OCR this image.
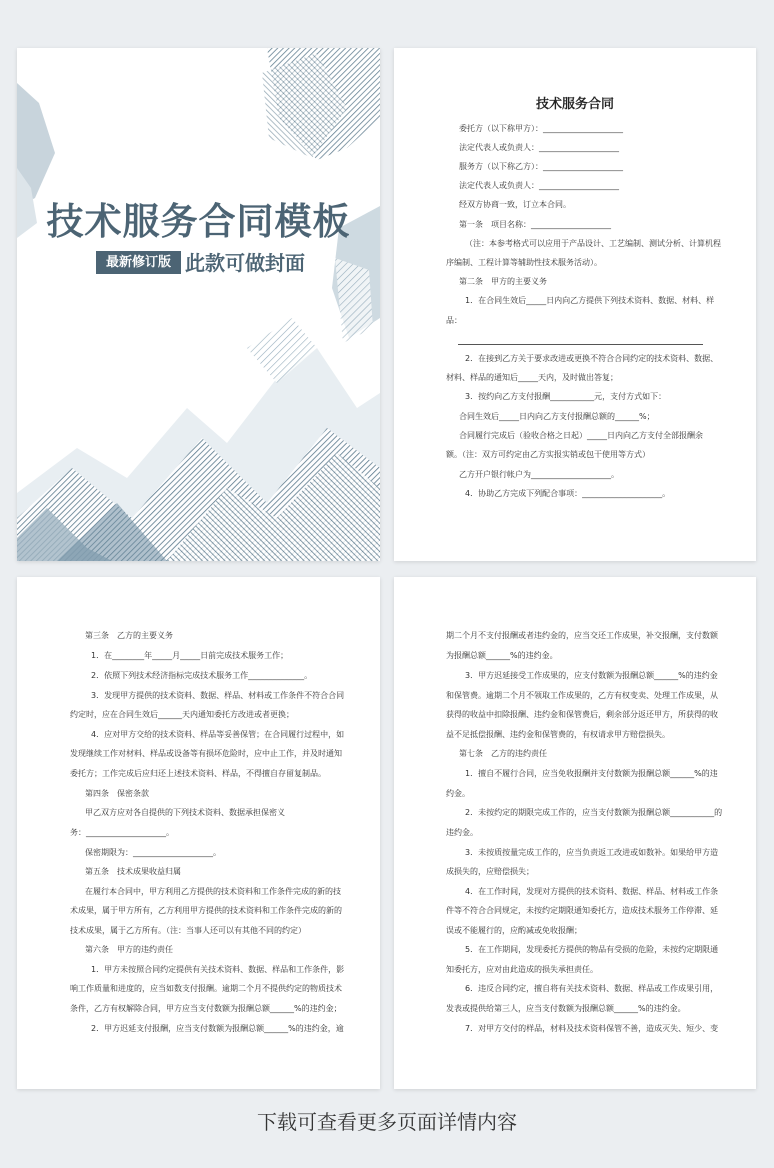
技术服务合同模板
最新修订版 此款可做封面
技术服务合同
委托方（以下称甲方）：____________________
法定代表人或负责人：____________________
服务方（以下称乙方）：____________________
法定代表人或负责人：____________________
经双方协商一致，订立本合同。
第一条　项目名称：____________________
（注：本参考格式可以应用于产品设计、工艺编制、测试分析、计算机程
序编制、工程计算等辅助性技术服务活动）。
第二条　甲方的主要义务
1．在合同生效后_____日内向乙方提供下列技术资料、数据、材料、样
品：
2．在接到乙方关于要求改进或更换不符合合同约定的技术资料、数据、
材料、样品的通知后_____天内，及时做出答复；
3．按约向乙方支付报酬___________元，支付方式如下：
合同生效后_____日内向乙方支付报酬总额的______%；
合同履行完成后（验收合格之日起）_____日内向乙方支付全部报酬余
额。（注：双方可约定由乙方实报实销或包干使用等方式）
乙方开户银行帐户为____________________。
4．协助乙方完成下列配合事项：____________________。
第三条　乙方的主要义务
1．在________年_____月_____日前完成技术服务工作；
2．依照下列技术经济指标完成技术服务工作______________。
3．发现甲方提供的技术资料、数据、样品、材料或工作条件不符合合同
约定时，应在合同生效后______天内通知委托方改进或者更换；
4．应对甲方交给的技术资料、样品等妥善保管；在合同履行过程中，如
发现继续工作对材料、样品或设备等有损坏危险时，应中止工作，并及时通知
委托方；工作完成后应归还上述技术资料、样品，不得擅自存留复制品。
第四条　保密条款
甲乙双方应对各自提供的下列技术资料、数据承担保密义
务：____________________。
保密期限为：____________________。
第五条　技术成果收益归属
在履行本合同中，甲方利用乙方提供的技术资料和工作条件完成的新的技
术成果，属于甲方所有，乙方利用甲方提供的技术资料和工作条件完成的新的
技术成果，属于乙方所有。（注：当事人还可以有其他不同的约定）
第六条　甲方的违约责任
1．甲方未按照合同约定提供有关技术资料、数据、样品和工作条件，影
响工作质量和进度的，应当如数支付报酬。逾期二个月不提供约定的物质技术
条件，乙方有权解除合同，甲方应当支付数额为报酬总额______%的违约金；
2．甲方迟延支付报酬，应当支付数额为报酬总额______%的违约金，逾
期二个月不支付报酬或者违约金的，应当交还工作成果，补交报酬，支付数额
为报酬总额______%的违约金。
3．甲方迟延接受工作成果的，应支付数额为报酬总额______%的违约金
和保管费。逾期二个月不领取工作成果的，乙方有权变卖、处理工作成果，从
获得的收益中扣除报酬、违约金和保管费后，剩余部分返还甲方，所获得的收
益不足抵偿报酬、违约金和保管费的，有权请求甲方赔偿损失。
第七条　乙方的违约责任
1．擅自不履行合同，应当免收报酬并支付数额为报酬总额______%的违
约金。
2．未按约定的期限完成工作的，应当支付数额为报酬总额___________的
违约金。
3．未按质按量完成工作的，应当负责返工改进或如数补。如果给甲方造
成损失的，应赔偿损失；
4．在工作时间，发现对方提供的技术资料、数据、样品、材料或工作条
件等不符合合同规定，未按约定期限通知委托方，造成技术服务工作停滞、延
误或不能履行的，应酌减或免收报酬；
5．在工作期间，发现委托方提供的物品有受损的危险，未按约定期限通
知委托方，应对由此造成的损失承担责任。
6．违反合同约定，擅自将有关技术资料、数据、样品或工作成果引用，
发表或提供给第三人，应当支付数额为报酬总额______%的违约金。
7．对甲方交付的样品，材料及技术资料保管不善，造成灭失、短少、变
下载可查看更多页面详情内容
